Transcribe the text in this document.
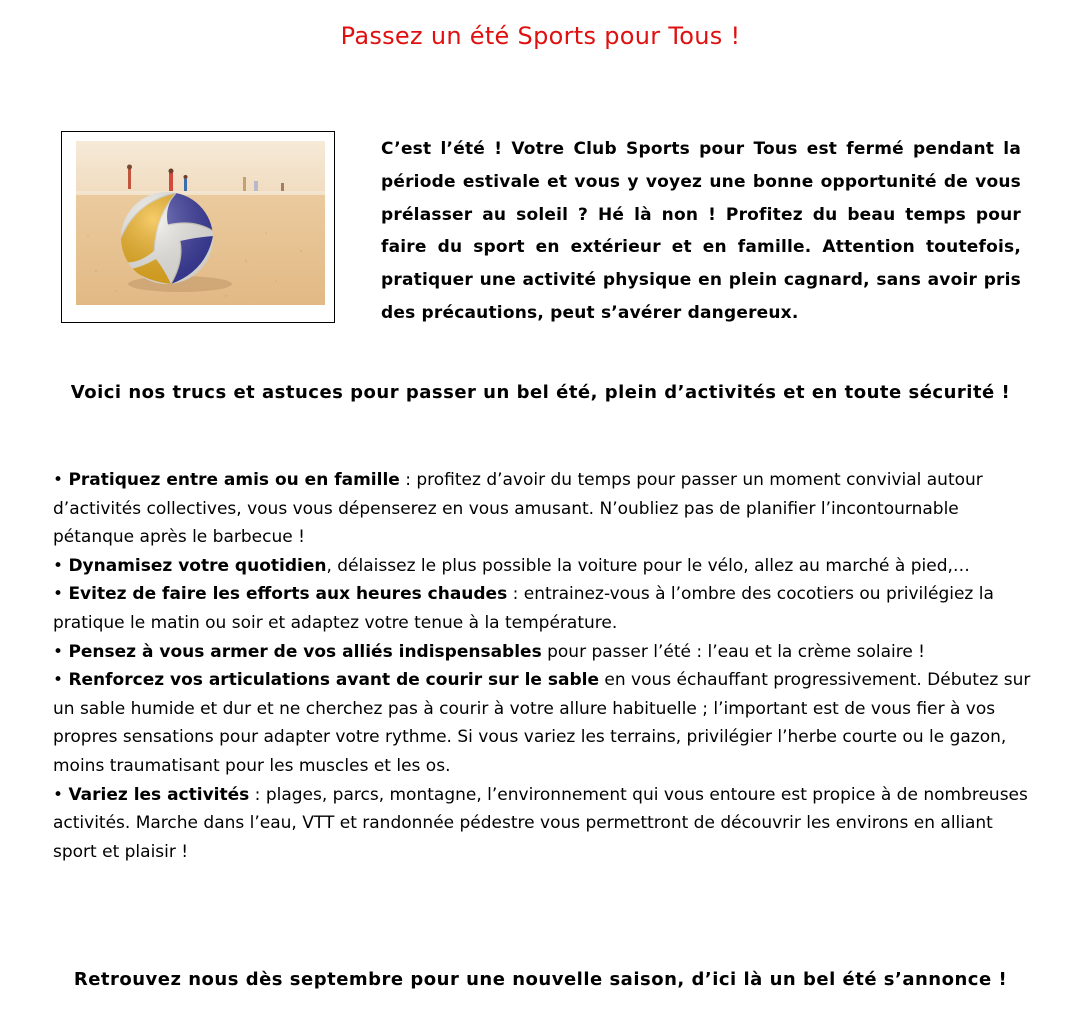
Passez un été Sports pour Tous !
C’est l’été ! Votre Club Sports pour Tous est fermé pendant la période estivale et vous y voyez une bonne opportunité de vous prélasser au soleil ? Hé là non ! Profitez du beau temps pour faire du sport en extérieur et en famille. Attention toutefois, pratiquer une activité physique en plein cagnard, sans avoir pris des précautions, peut s’avérer dangereux.
Voici nos trucs et astuces pour passer un bel été, plein d’activités et en toute sécurité !

• Pratiquez entre amis ou en famille : profitez d’avoir du temps pour passer un moment convivial autour d’activités collectives, vous vous dépenserez en vous amusant. N’oubliez pas de planifier l’incontournable pétanque après le barbecue !

• Dynamisez votre quotidien, délaissez le plus possible la voiture pour le vélo, allez au marché à pied,…

• Evitez de faire les efforts aux heures chaudes : entrainez-vous à l’ombre des cocotiers ou privilégiez la pratique le matin ou soir et adaptez votre tenue à la température.

• Pensez à vous armer de vos alliés indispensables pour passer l’été : l’eau et la crème solaire !

• Renforcez vos articulations avant de courir sur le sable en vous échauffant progressivement. Débutez sur un sable humide et dur et ne cherchez pas à courir à votre allure habituelle ; l’important est de vous fier à vos propres sensations pour adapter votre rythme. Si vous variez les terrains, privilégier l’herbe courte ou le gazon, moins traumatisant pour les muscles et les os.

• Variez les activités : plages, parcs, montagne, l’environnement qui vous entoure est propice à de nombreuses activités. Marche dans l’eau, VTT et randonnée pédestre vous permettront de découvrir les environs en alliant sport et plaisir !

Retrouvez nous dès septembre pour une nouvelle saison, d’ici là un bel été s’annonce !
